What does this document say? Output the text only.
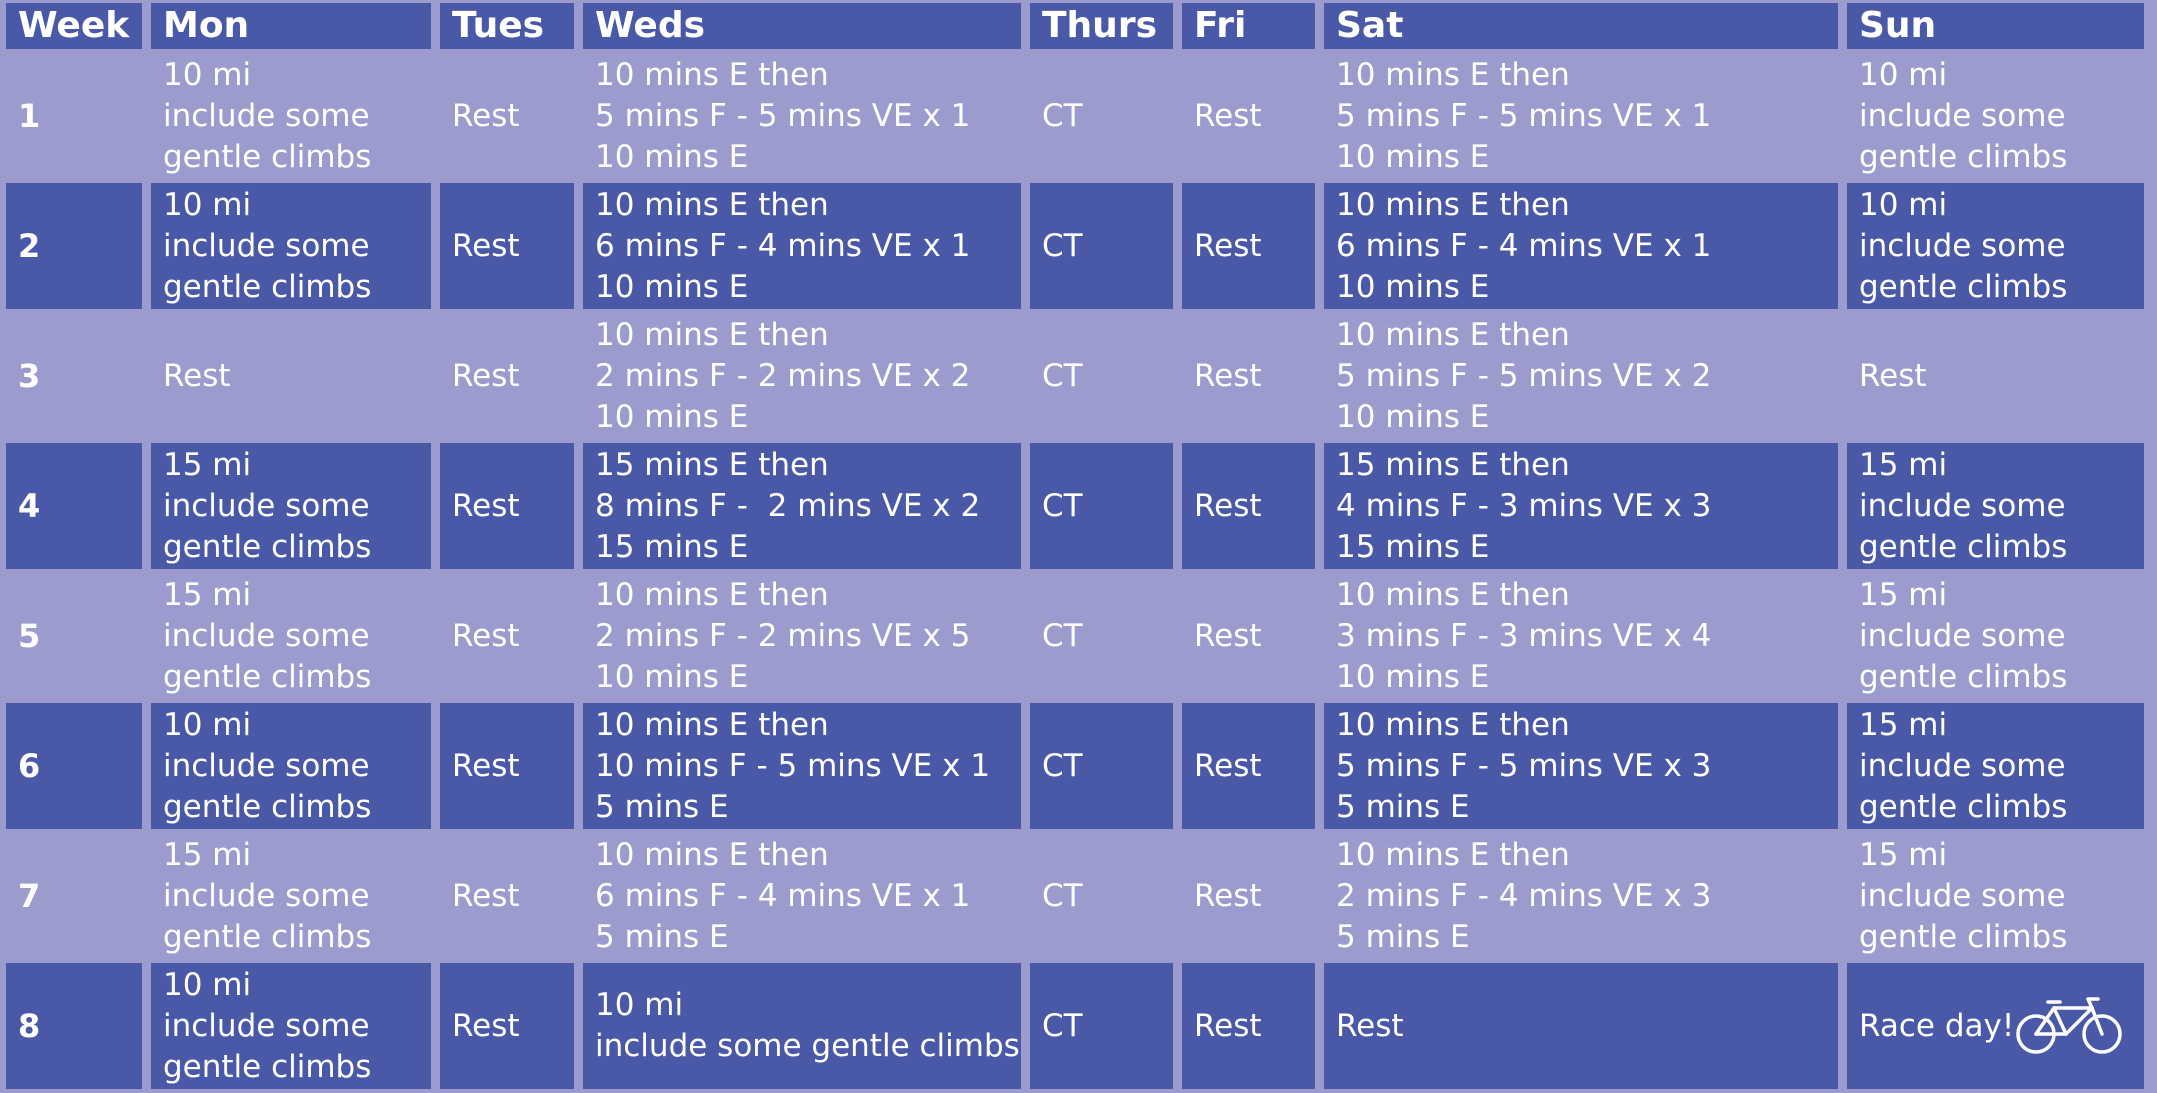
Week	Mon	Tues	Weds	Thurs	Fri	Sat	Sun
1	10 mi
include some
gentle climbs	Rest	10 mins E then
5 mins F - 5 mins VE x 1
10 mins E	CT	Rest	10 mins E then
5 mins F - 5 mins VE x 1
10 mins E	10 mi
include some
gentle climbs

2	10 mi
include some
gentle climbs	Rest	10 mins E then
6 mins F - 4 mins VE x 1
10 mins E	CT	Rest	10 mins E then
6 mins F - 4 mins VE x 1
10 mins E	10 mi
include some
gentle climbs

3	Rest	Rest	10 mins E then
2 mins F - 2 mins VE x 2
10 mins E	CT	Rest	10 mins E then
5 mins F - 5 mins VE x 2
10 mins E	Rest
4	15 mi
include some
gentle climbs	Rest	15 mins E then
8 mins F -  2 mins VE x 2
15 mins E	CT	Rest	15 mins E then
4 mins F - 3 mins VE x 3
15 mins E	15 mi
include some
gentle climbs

5	15 mi
include some
gentle climbs	Rest	10 mins E then
2 mins F - 2 mins VE x 5
10 mins E	CT	Rest	10 mins E then
3 mins F - 3 mins VE x 4
10 mins E	15 mi
include some
gentle climbs

6	10 mi
include some
gentle climbs	Rest	10 mins E then
10 mins F - 5 mins VE x 1
5 mins E	CT	Rest	10 mins E then
5 mins F - 5 mins VE x 3
5 mins E	15 mi
include some
gentle climbs

7	15 mi
include some
gentle climbs	Rest	10 mins E then
6 mins F - 4 mins VE x 1
5 mins E	CT	Rest	10 mins E then
2 mins F - 4 mins VE x 3
5 mins E	15 mi
include some
gentle climbs

8	10 mi
include some
gentle climbs	Rest	10 mi
include some gentle climbs	CT	Rest	Rest	Race day!
